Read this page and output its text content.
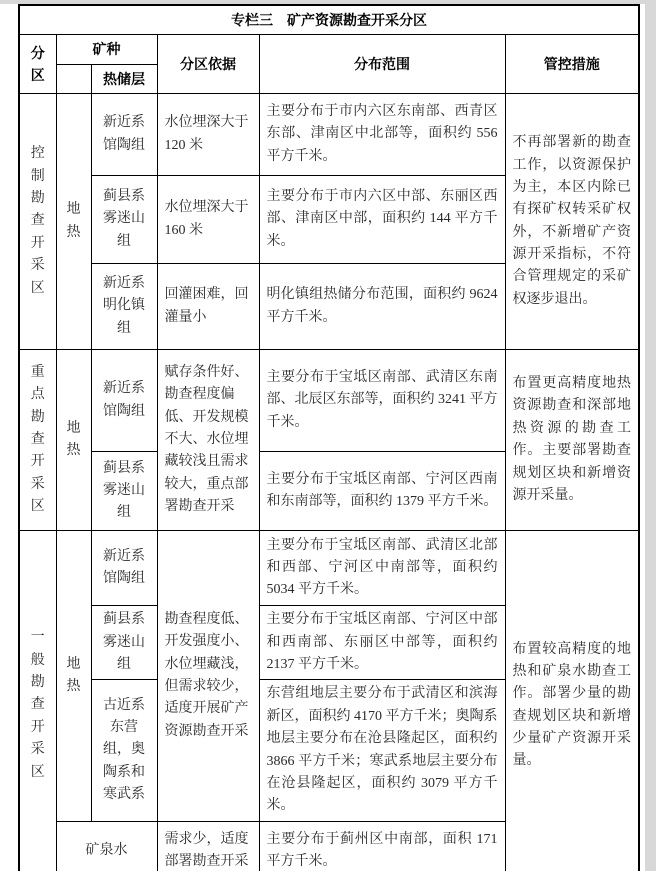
专栏三　矿产资源勘查开采分区					
分区	矿种		分区依据	分布范围	管控措施
		热储层			
控制勘查开采区	地热	新近系馆陶组	水位埋深大于 120 米	主要分布于市内六区东南部、西青区东部、津南区中北部等，面积约 556 平方千米。	不再部署新的勘查工作，以资源保护为主，本区内除已有探矿权转采矿权外，不新增矿产资源开采指标，不符合管理规定的采矿权逐步退出。
		蓟县系雾迷山组	水位埋深大于 160 米	主要分布于市内六区中部、东丽区西部、津南区中部，面积约 144 平方千米。	
		新近系明化镇组	回灌困难，回灌量小	明化镇组热储分布范围，面积约 9624 平方千米。	
重点勘查开采区	地热	新近系馆陶组	赋存条件好、勘查程度偏低、开发规模不大、水位埋藏较浅且需求较大，重点部署勘查开采	主要分布于宝坻区南部、武清区东南部、北辰区东部等，面积约 3241 平方千米。	布置更高精度地热资源勘查和深部地热资源的勘查工作。主要部署勘查规划区块和新增资源开采量。
		蓟县系雾迷山组		主要分布于宝坻区南部、宁河区西南和东南部等，面积约 1379 平方千米。	
一般勘查开采区	地热	新近系馆陶组	勘查程度低、开发强度小、水位埋藏浅，但需求较少，适度开展矿产资源勘查开采	主要分布于宝坻区南部、武清区北部和西部、宁河区中南部等，面积约 5034 平方千米。	布置较高精度的地热和矿泉水勘查工作。部署少量的勘查规划区块和新增少量矿产资源开采量。
		蓟县系雾迷山组		主要分布于宝坻区南部、宁河区中部和西南部、东丽区中部等，面积约 2137 平方千米。	
		古近系东营组，奥陶系和寒武系		东营组地层主要分布于武清区和滨海新区，面积约 4170 平方千米；奥陶系地层主要分布在沧县隆起区，面积约 3866 平方千米；寒武系地层主要分布在沧县隆起区，面积约 3079 平方千米。	
	矿泉水		需求少，适度部署勘查开采	主要分布于蓟州区中南部，面积 171 平方千米。	
